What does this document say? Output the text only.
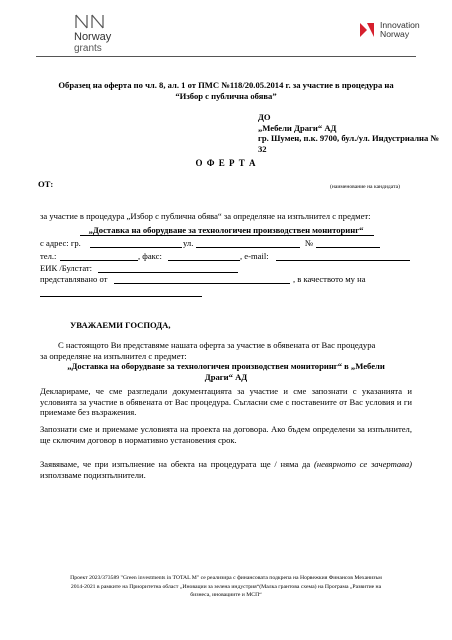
Norway
grants
Innovation
Norway
Образец на оферта по чл. 8, ал. 1 от ПМС №118/20.05.2014 г. за участие в процедура на
“Избор с публична обява”
ДО
„Мебели Драги“ АД
гр. Шумен, п.к. 9700, бул./ул. Индустриална №
32
О Ф Е Р Т А
ОТ:	(наименование на кандидата)
за участие в процедура „Избор с публична обява“ за определяне на изпълнител с предмет:
„Доставка на оборудване за технологичен производствен мониторинг“
с адрес: гр.	ул.	№
тел.:	, факс:	, e-mail:
ЕИК /Булстат:
представлявано от	, в качеството му на
УВАЖАЕМИ ГОСПОДА,
С настоящото Ви представяме нашата оферта за участие в обявената от Вас процедура
за определяне на изпълнител с предмет:
„Доставка на оборудване за технологичен производствен мониторинг“ в „Мебели
Драги“ АД
Декларираме, че сме разгледали документацията за участие и сме запознати с указанията и условията за участие в обявената от Вас процедура. Съгласни сме с поставените от Вас условия и ги приемаме без възражения.
Запознати сме и приемаме условията на проекта на договора. Ако бъдем определени за изпълнител, ще сключим договор в нормативно установения срок.
Заявяваме, че при изпълнение на обекта на процедурата ще / няма да (невярното се зачертава) използваме подизпълнители.
Проект 2023/373589 "Green investments in TOTAL M" се реализира с финансовата подкрепа на Норвежкия Финансов Механизъм
2014-2021 в рамките на Приоритетна област „Иновации за зелена индустрия“(Малка грантова схема) на Програма „Развитие на
бизнеса, иновациите и МСП“
